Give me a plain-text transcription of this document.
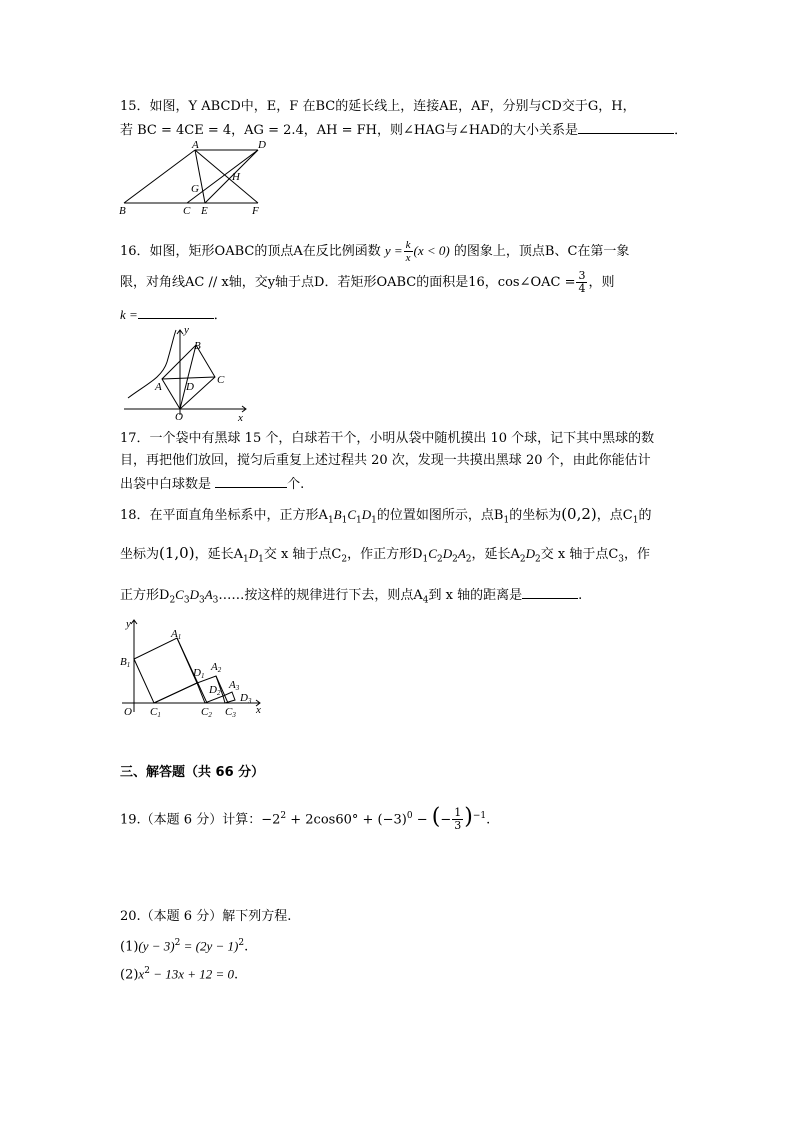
15．如图，Y ABCD中，E，F 在BC的延长线上，连接AE，AF，分别与CD交于G，H，
若 BC = 4CE = 4，AG = 2.4，AH = FH，则∠HAG与∠HAD的大小关系是	．
A	D
B	C E	F
G
H
16．如图，矩形OABC的顶点A在反比例函数 $y = \frac{k}{x} (x < 0)$ 的图象上，顶点B、C在第一象
限，对角线AC // x轴，交y轴于点D．若矩形OABC的面积是16，cos∠OAC = $\frac{3}{4}$ ，则
k =	．
y
B
A D
C
O	x
17．一个袋中有黑球 15 个，白球若干个，小明从袋中随机摸出 10 个球，记下其中黑球的数
目，再把他们放回，搅匀后重复上述过程共 20 次，发现一共摸出黑球 20 个，由此你能估计
出袋中白球数是	个.
18．在平面直角坐标系中，正方形$A_1B_1C_1D_1$的位置如图所示，点$B_1$的坐标为(0,2)，点$C_1$的
坐标为(1,0)，延长$A_1D_1$交 x 轴于点$C_2$，作正方形$D_1C_2D_2A_2$，延长$A_2D_2$交 x 轴于点$C_3$，作
正方形$D_2C_3D_3A_3\dots\dots$按这样的规律进行下去，则点$A_4$到 x 轴的距离是	.
y
B1
A1
D1
A2
D2
A3
D3
O C1	C2 C3 x
三、解答题（共 66 分）
19.（本题 6 分）计算：$-2^2 + 2\cos 60^\circ + (-3)^0$ − (− $\frac{1}{3} )^{-1}$.
20.（本题 6 分）解下列方程.
$(1)(y - 3)^2 = (2y - 1)^2$.
$(2)x^2 - 13x + 12 = 0$.
